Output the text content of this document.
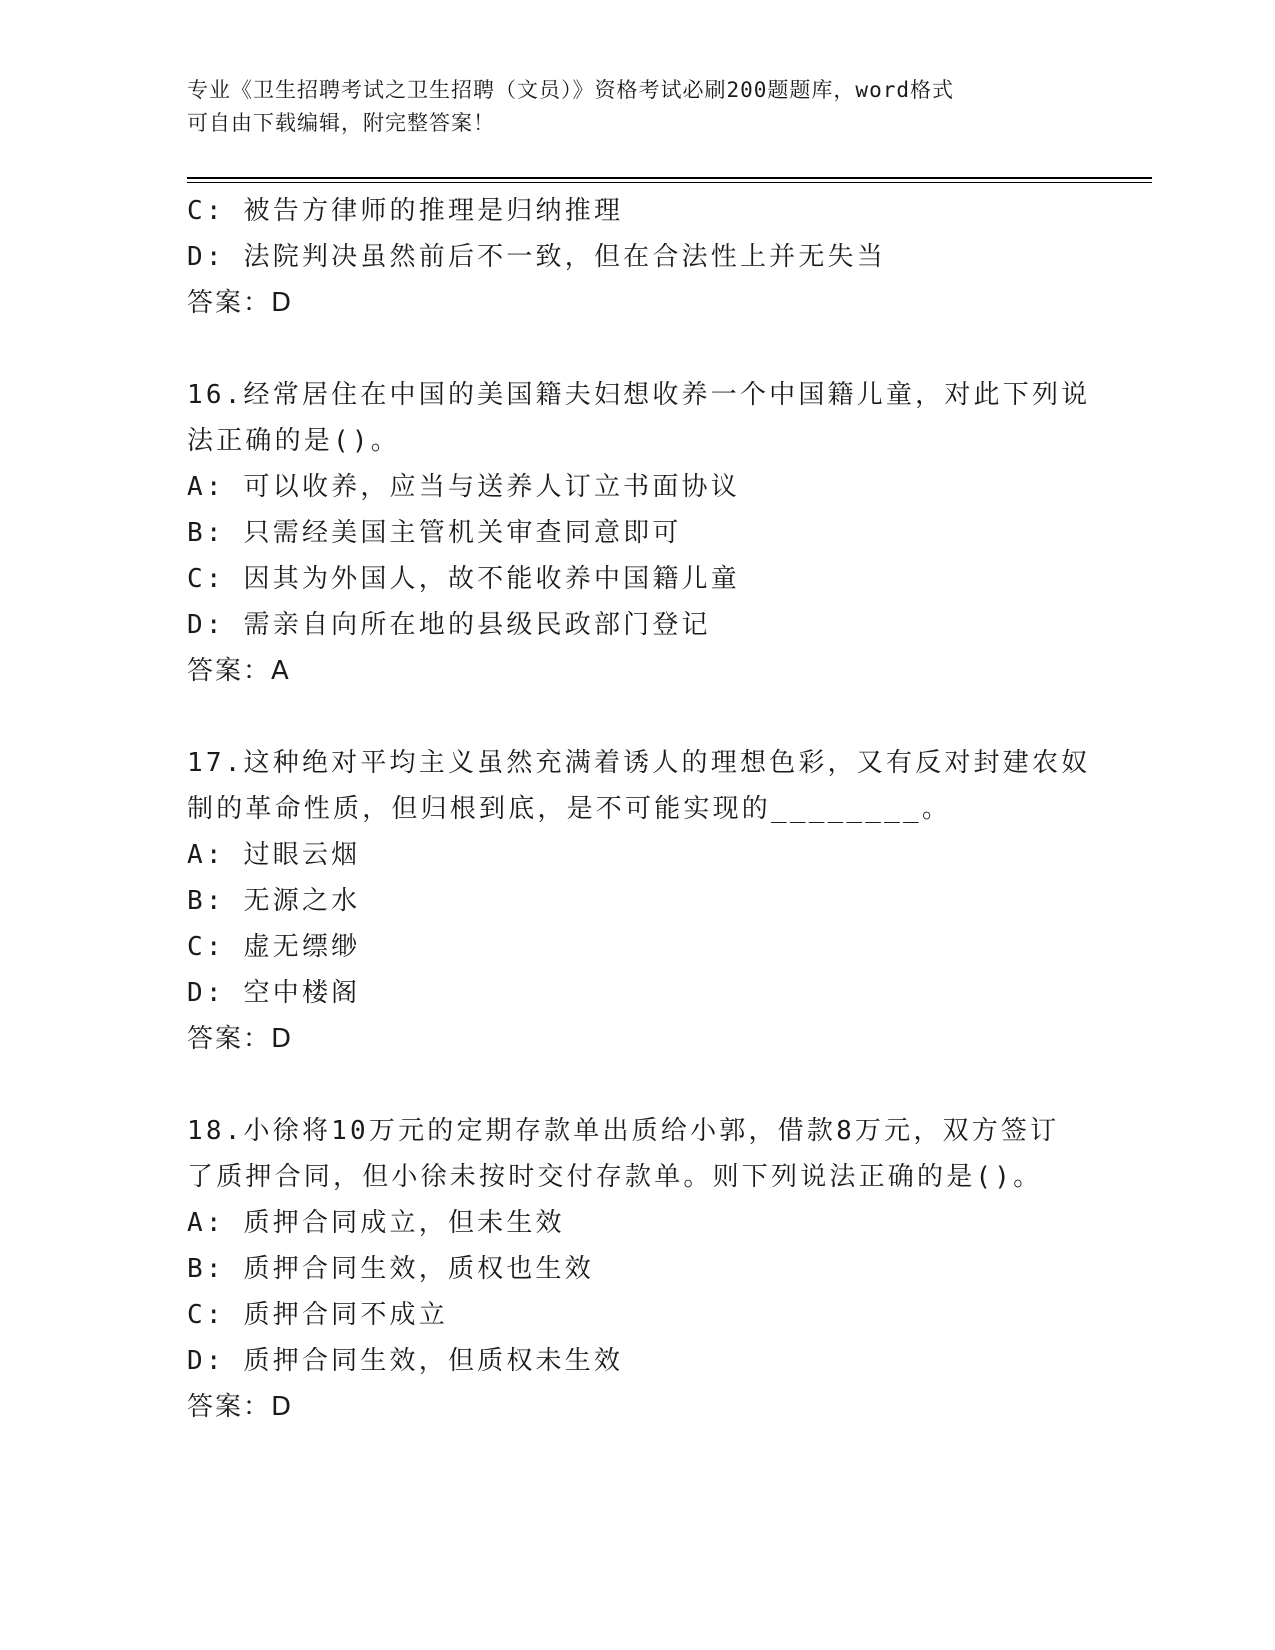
专业《卫生招聘考试之卫生招聘（文员）》资格考试必刷200题题库，word格式
可自由下载编辑，附完整答案！
C: 被告方律师的推理是归纳推理
D: 法院判决虽然前后不一致，但在合法性上并无失当
答案：D
16.经常居住在中国的美国籍夫妇想收养一个中国籍儿童，对此下列说
法正确的是()。
A: 可以收养，应当与送养人订立书面协议
B: 只需经美国主管机关审查同意即可
C: 因其为外国人，故不能收养中国籍儿童
D: 需亲自向所在地的县级民政部门登记
答案：A
17.这种绝对平均主义虽然充满着诱人的理想色彩，又有反对封建农奴
制的革命性质，但归根到底，是不可能实现的________。
A: 过眼云烟
B: 无源之水
C: 虚无缥缈
D: 空中楼阁
答案：D
18.小徐将10万元的定期存款单出质给小郭，借款8万元，双方签订
了质押合同，但小徐未按时交付存款单。则下列说法正确的是()。
A: 质押合同成立，但未生效
B: 质押合同生效，质权也生效
C: 质押合同不成立
D: 质押合同生效，但质权未生效
答案：D
